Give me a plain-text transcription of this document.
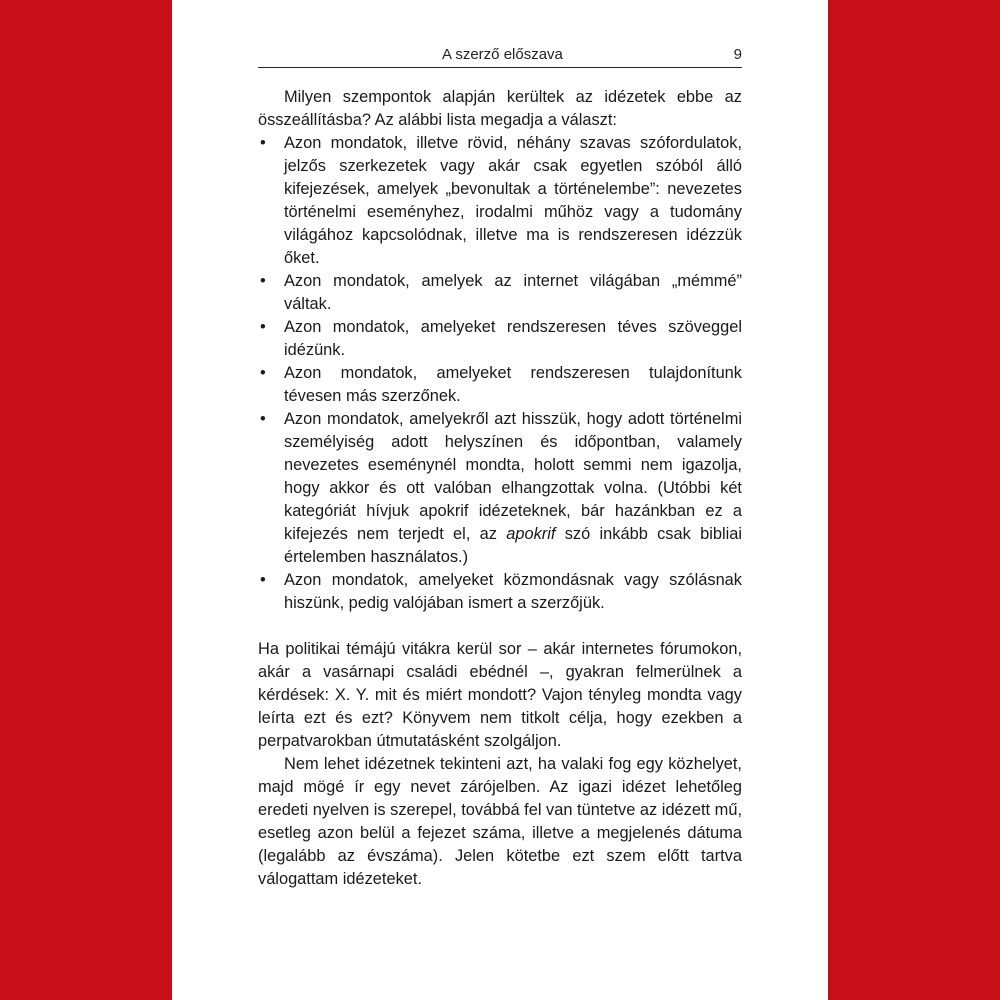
A szerző előszava	9

Milyen szempontok alapján kerültek az idézetek ebbe az összeállításba? Az alábbi lista megadja a választ:

• Azon mondatok, illetve rövid, néhány szavas szófordulatok, jelzős szerkezetek vagy akár csak egyetlen szóból álló kifejezések, amelyek „bevonultak a történelembe”: nevezetes történelmi eseményhez, irodalmi műhöz vagy a tudomány világához kapcsolódnak, illetve ma is rendszeresen idézzük őket.
• Azon mondatok, amelyek az internet világában „mémmé” váltak.
• Azon mondatok, amelyeket rendszeresen téves szöveggel idézünk.
• Azon mondatok, amelyeket rendszeresen tulajdonítunk tévesen más szerzőnek.
• Azon mondatok, amelyekről azt hisszük, hogy adott történelmi személyiség adott helyszínen és időpontban, valamely nevezetes eseménynél mondta, holott semmi nem igazolja, hogy akkor és ott valóban elhangzottak volna. (Utóbbi két kategóriát hívjuk apokrif idézeteknek, bár hazánkban ez a kifejezés nem terjedt el, az apokrif szó inkább csak bibliai értelemben használatos.)
• Azon mondatok, amelyeket közmondásnak vagy szólásnak hiszünk, pedig valójában ismert a szerzőjük.

Ha politikai témájú vitákra kerül sor – akár internetes fórumokon, akár a vasárnapi családi ebédnél –, gyakran felmerülnek a kérdések: X. Y. mit és miért mondott? Vajon tényleg mondta vagy leírta ezt és ezt? Könyvem nem titkolt célja, hogy ezekben a perpatvarokban útmutatásként szolgáljon.

Nem lehet idézetnek tekinteni azt, ha valaki fog egy közhelyet, majd mögé ír egy nevet zárójelben. Az igazi idézet lehetőleg eredeti nyelven is szerepel, továbbá fel van tüntetve az idézett mű, esetleg azon belül a fejezet száma, illetve a megjelenés dátuma (legalább az évszáma). Jelen kötetbe ezt szem előtt tartva válogattam idézeteket.
